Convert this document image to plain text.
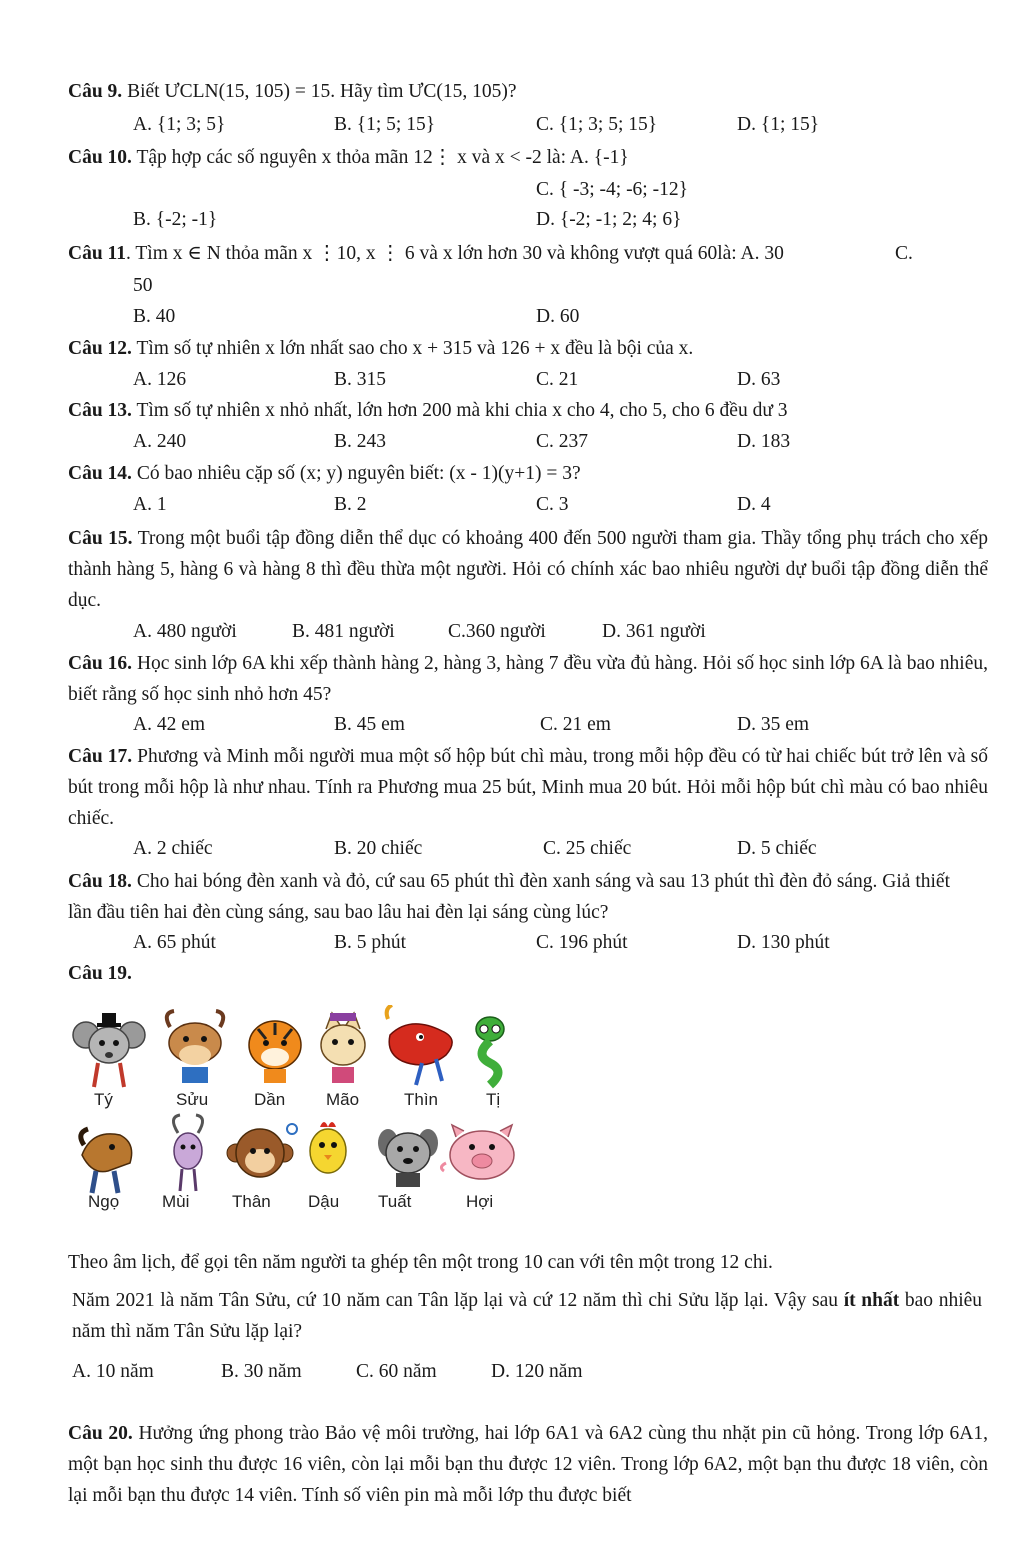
Câu 9. Biết ƯCLN(15, 105) = 15. Hãy tìm ƯC(15, 105)?
A. {1; 3; 5}	B. {1; 5; 15}	C. {1; 3; 5; 15}	D. {1; 15}
Câu 10. Tập hợp các số nguyên x thỏa mãn 12⋮ x và x < -2 là: A. {-1}
C. { -3; -4; -6; -12}
B. {-2; -1}	D. {-2; -1; 2; 4; 6}
Câu 11. Tìm x ∈ N thỏa mãn x ⋮10, x ⋮ 6 và x lớn hơn 30 và không vượt quá 60là: A. 30	C.
50
B. 40	D. 60
Câu 12. Tìm số tự nhiên x lớn nhất sao cho x + 315 và 126 + x đều là bội của x.
A. 126	B. 315	C. 21	D. 63
Câu 13. Tìm số tự nhiên x nhỏ nhất, lớn hơn 200 mà khi chia x cho 4, cho 5, cho 6 đều dư 3
A. 240	B. 243	C. 237	D. 183
Câu 14. Có bao nhiêu cặp số (x; y) nguyên biết: (x - 1)(y+1) = 3?
A. 1	B. 2	C. 3	D. 4
Câu 15. Trong một buổi tập đồng diễn thể dục có khoảng 400 đến 500 người tham gia. Thầy tổng phụ trách cho xếp thành hàng 5, hàng 6 và hàng 8 thì đều thừa một người. Hỏi có chính xác bao nhiêu người dự buổi tập đồng diễn thể dục.
A. 480 người	B. 481 người	C.360 người	D. 361 người
Câu 16. Học sinh lớp 6A khi xếp thành hàng 2, hàng 3, hàng 7 đều vừa đủ hàng. Hỏi số học sinh lớp 6A là bao nhiêu, biết rằng số học sinh nhỏ hơn 45?
A. 42 em	B. 45 em	C. 21 em	D. 35 em
Câu 17. Phương và Minh mỗi người mua một số hộp bút chì màu, trong mỗi hộp đều có từ hai chiếc bút trở lên và số bút trong mỗi hộp là như nhau. Tính ra Phương mua 25 bút, Minh mua 20 bút. Hỏi mỗi hộp bút chì màu có bao nhiêu chiếc.
A. 2 chiếc	B. 20 chiếc	C. 25 chiếc	D. 5 chiếc
Câu 18. Cho hai bóng đèn xanh và đỏ, cứ sau 65 phút thì đèn xanh sáng và sau 13 phút thì đèn đỏ sáng. Giả thiết lần đầu tiên hai đèn cùng sáng, sau bao lâu hai đèn lại sáng cùng lúc?
A. 65 phút	B. 5 phút	C. 196 phút	D. 130 phút
Câu 19.
Tý	Sửu	Dần Mão	Thìn	Tị
Ngọ	Mùi	Thân Dậu Tuất	Hợi
Theo âm lịch, để gọi tên năm người ta ghép tên một trong 10 can với tên một trong 12 chi.
Năm 2021 là năm Tân Sửu, cứ 10 năm can Tân lặp lại và cứ 12 năm thì chi Sửu lặp lại. Vậy sau ít nhất bao nhiêu năm thì năm Tân Sửu lặp lại?
A. 10 năm	B. 30 năm	C. 60 năm	D. 120 năm
Câu 20. Hưởng ứng phong trào Bảo vệ môi trường, hai lớp 6A1 và 6A2 cùng thu nhặt pin cũ hỏng. Trong lớp 6A1, một bạn học sinh thu được 16 viên, còn lại mỗi bạn thu được 12 viên. Trong lớp 6A2, một bạn thu được 18 viên, còn lại mỗi bạn thu được 14 viên. Tính số viên pin mà mỗi lớp thu được biết
